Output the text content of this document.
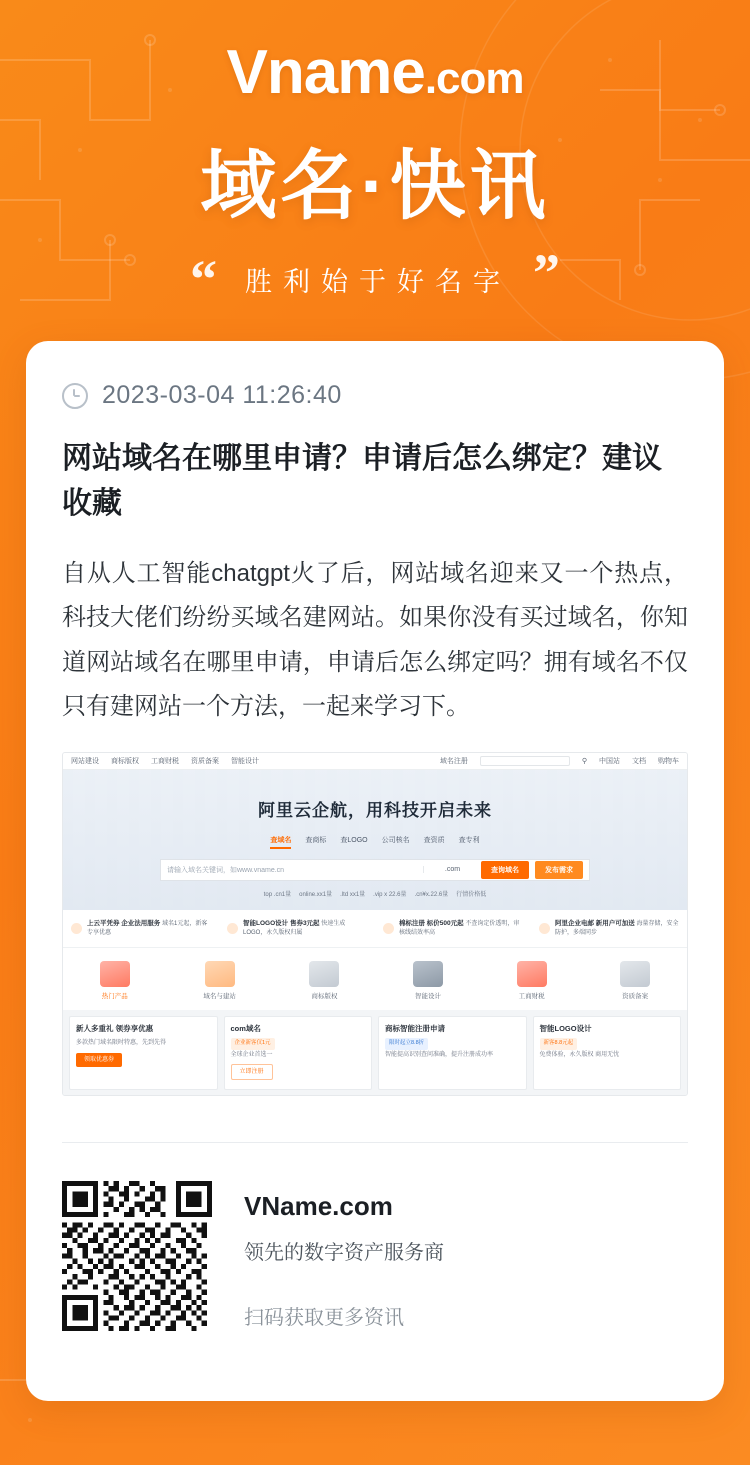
Vname.com
域名·快讯
“ 胜利始于好名字 ”
2023-03-04 11:26:40
网站域名在哪里申请？申请后怎么绑定？建议收藏

自从人工智能chatgpt火了后，网站域名迎来又一个热点，科技大佬们纷纷买域名建网站。如果你没有买过域名，你知道网站域名在哪里申请，申请后怎么绑定吗？拥有域名不仅只有建网站一个方法，一起来学习下。

网站建设 商标版权 工商财税 资质备案 智能设计	域名注册	⚲ 中国站 文档 购物车
阿里云企航，用科技开启未来
查域名 查商标 查LOGO 公司核名 查资质 查专利
请输入域名关键词，如www.vname.cn	.com	查询域名	发布需求
top .cn1量 online.xx1量 .ltd xx1量 .vip x 22.6量 .cn¥x.22.6量 行情价格低
上云平凭券 企业法用服务 域名1元起，新客专享优惠
智能LOGO设计 售券3元起 快速生成LOGO，永久版权归属
棉标注册 标价500元起 不查询定价透明，审核线结效率高
阿里企业电邮 新用户可加送 海量存储，安全防护，多端同步
热门产品	域名与建站	商标版权	智能设计	工商财税	资质备案
新人多重礼 领券享优惠
多款热门域名限时特惠，先到先得 领取优惠券
com域名
企业新客仅1元
全球企业首选一
立即注册
商标智能注册申请
限时起立8.8折
智能提高识别查问准确，提升注册成功率
智能LOGO设计
新客8.8元起
免费体验，永久版权 商用无忧
VName.com
领先的数字资产服务商
扫码获取更多资讯
